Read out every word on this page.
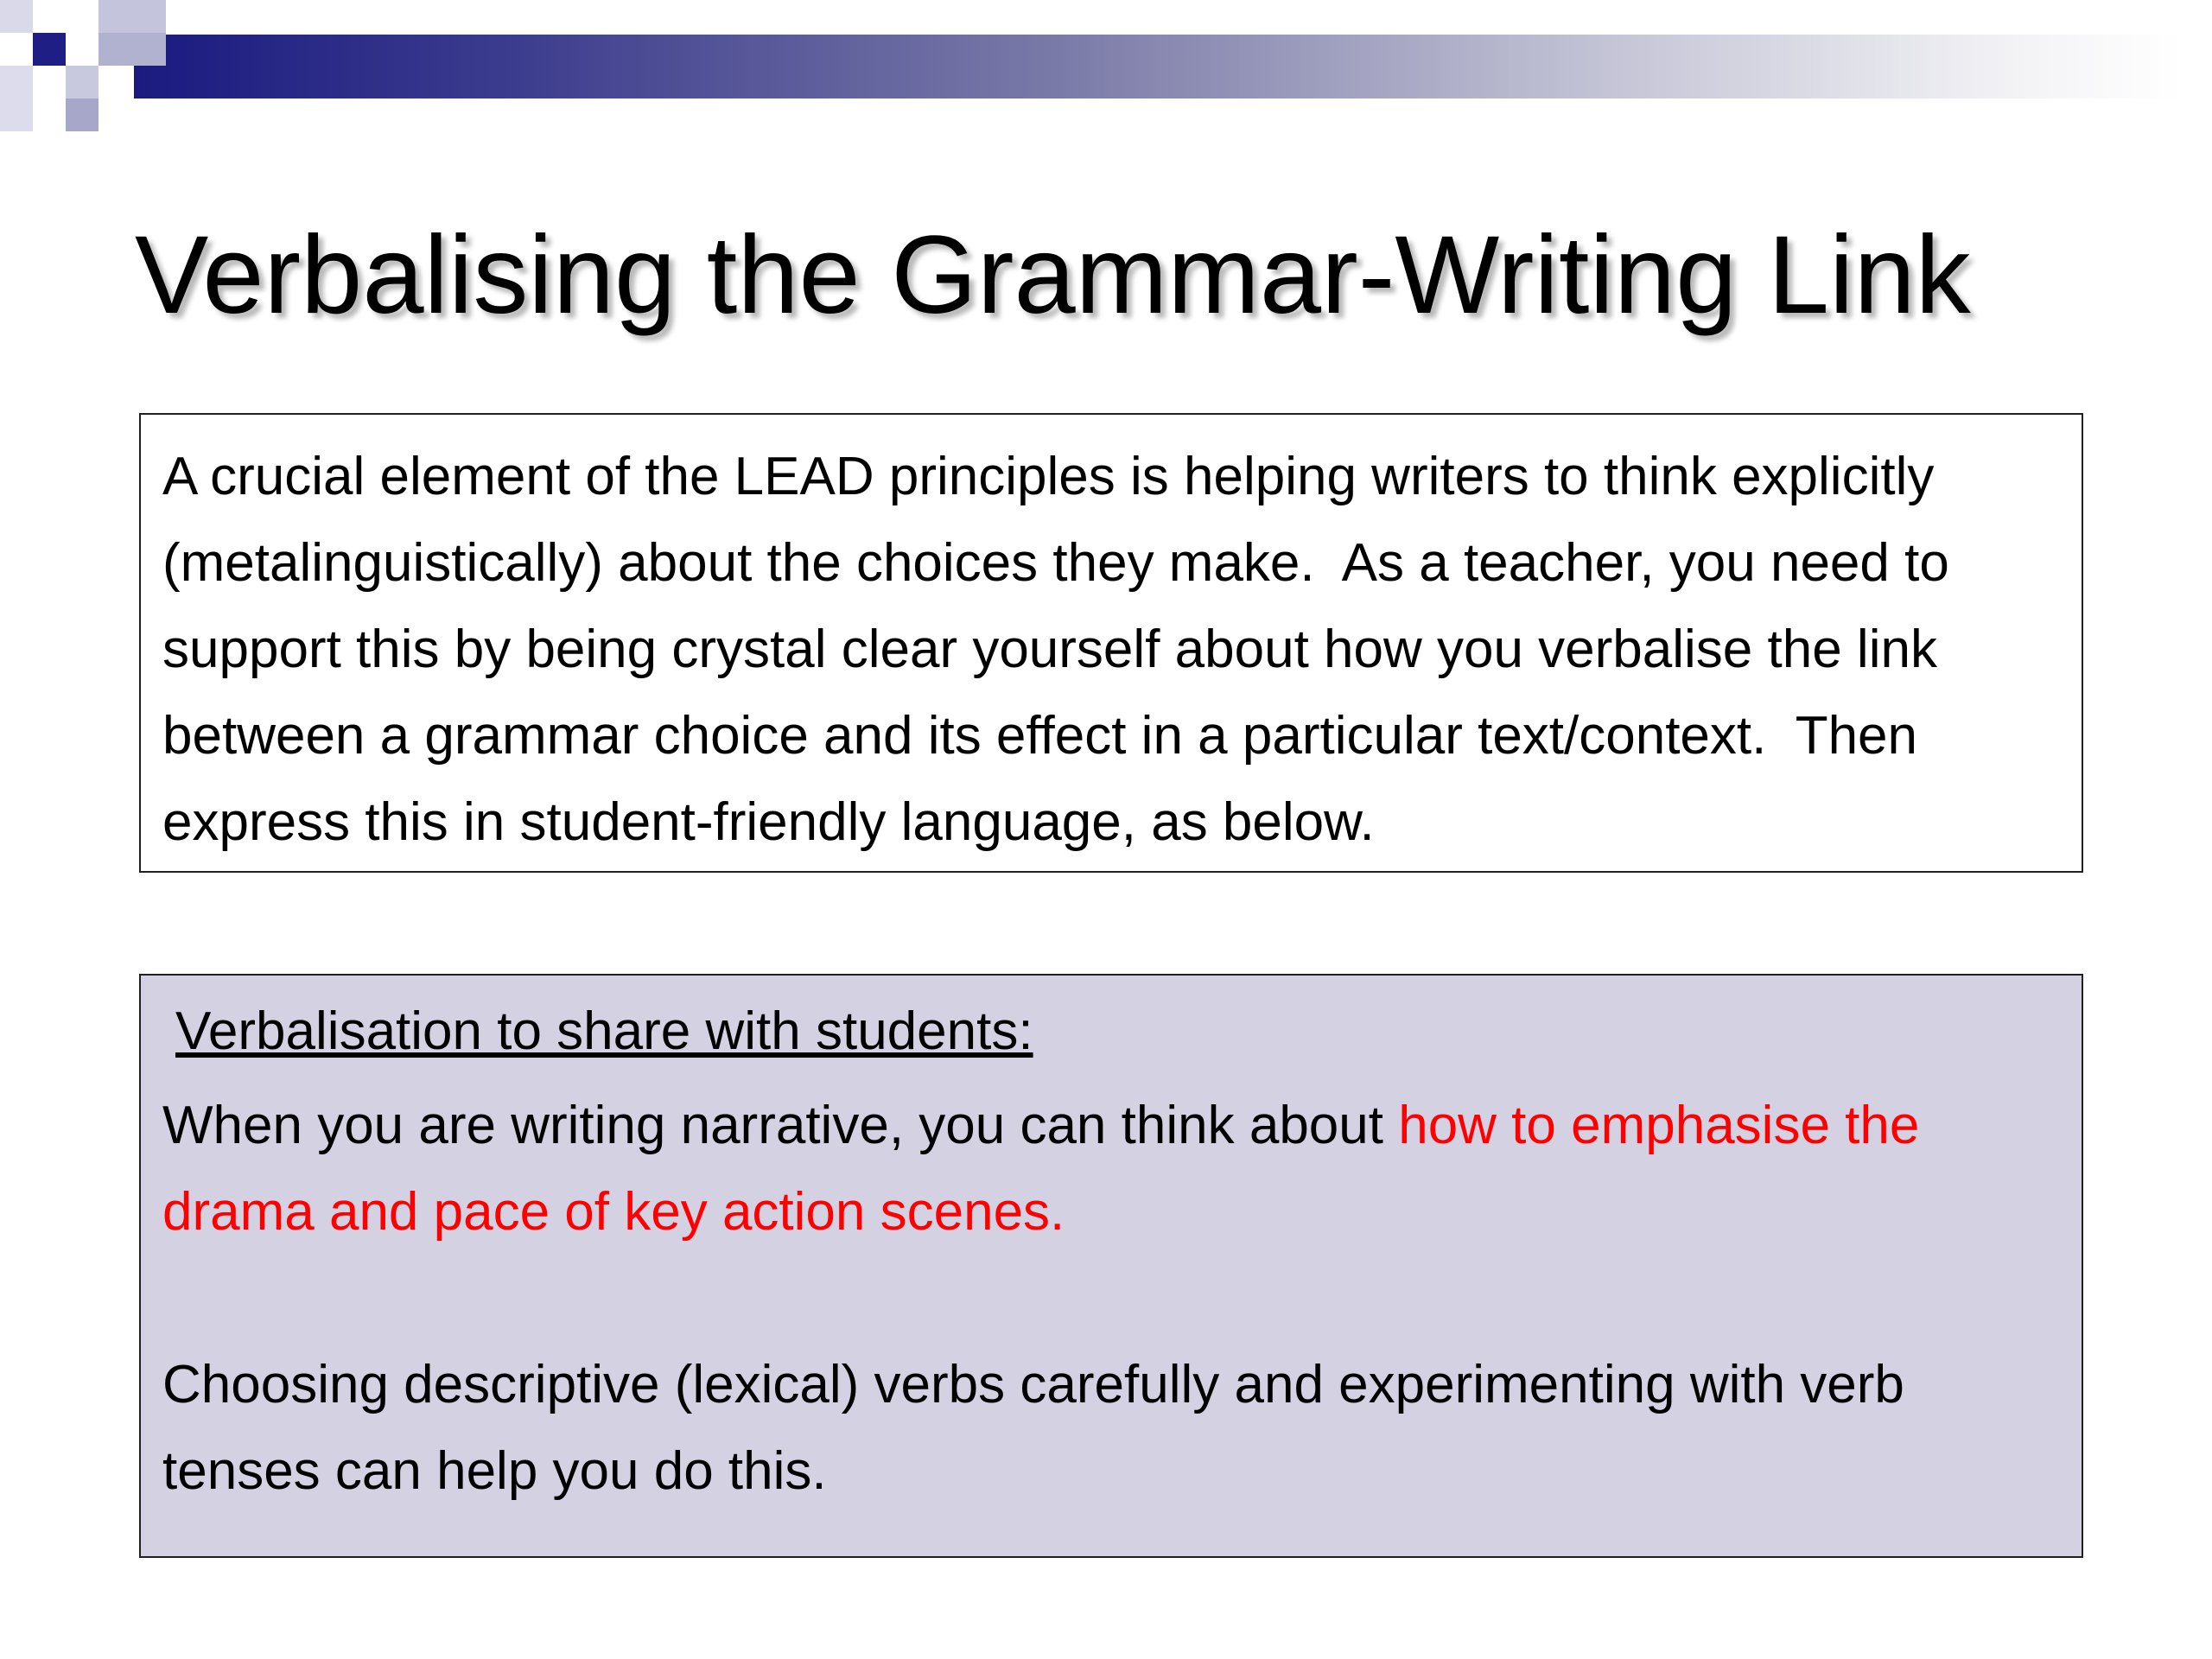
Verbalising the Grammar-Writing Link

A crucial element of the LEAD principles is helping writers to think explicitly
(metalinguistically) about the choices they make.  As a teacher, you need to
support this by being crystal clear yourself about how you verbalise the link
between a grammar choice and its effect in a particular text/context.  Then
express this in student-friendly language, as below.

Verbalisation to share with students:

When you are writing narrative, you can think about how to emphasise the
drama and pace of key action scenes.

Choosing descriptive (lexical) verbs carefully and experimenting with verb
tenses can help you do this.
